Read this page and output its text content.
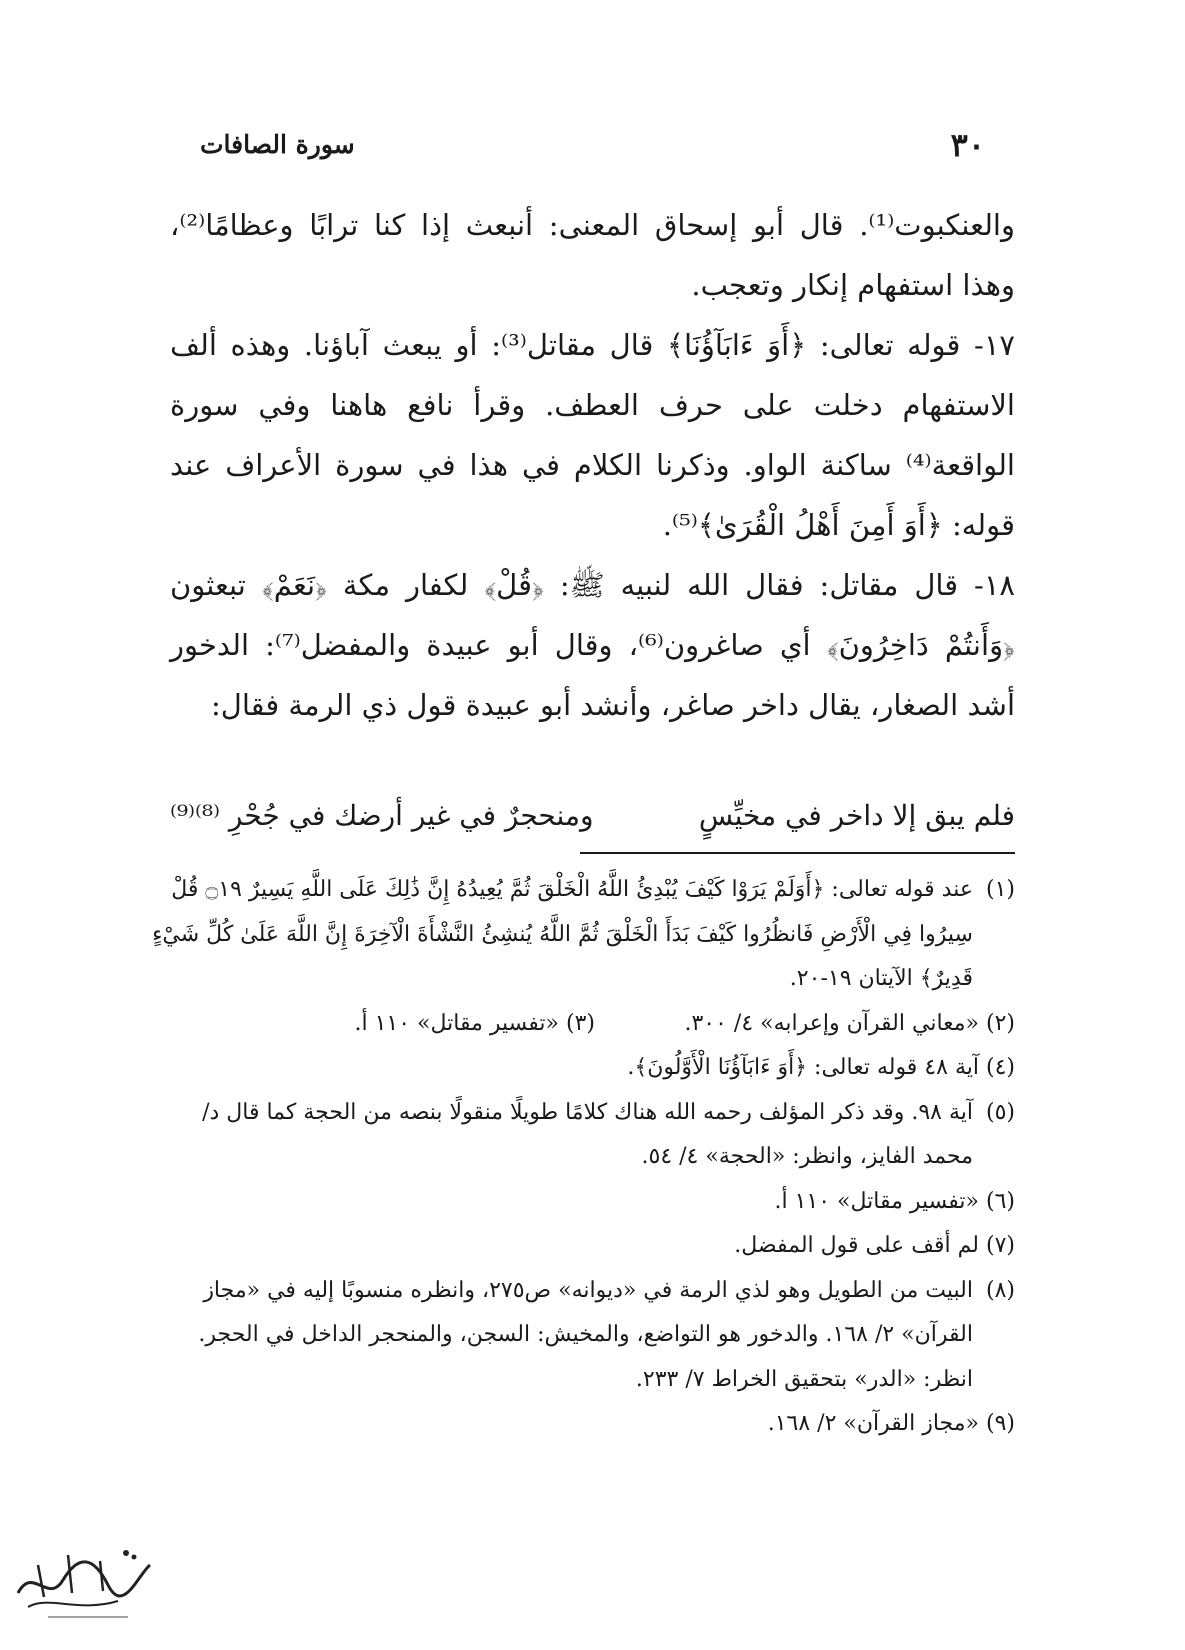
٣٠
سورة الصافات

والعنكبوت⁽¹⁾. قال أبو إسحاق المعنى: أنبعث إذا كنا ترابًا وعظامًا⁽²⁾، وهذا استفهام إنكار وتعجب.

١٧- قوله تعالى: ﴿أَوَ ءَابَآؤُنَا﴾ قال مقاتل⁽³⁾: أو يبعث آباؤنا. وهذه ألف الاستفهام دخلت على حرف العطف. وقرأ نافع هاهنا وفي سورة الواقعة⁽⁴⁾ ساكنة الواو. وذكرنا الكلام في هذا في سورة الأعراف عند قوله: ﴿أَوَ أَمِنَ أَهْلُ الْقُرَىٰ﴾⁽⁵⁾.

١٨- قال مقاتل: فقال الله لنبيه ﷺ: ﴿قُلْ﴾ لكفار مكة ﴿نَعَمْ﴾ تبعثون ﴿وَأَنتُمْ دَاخِرُونَ﴾ أي صاغرون⁽⁶⁾، وقال أبو عبيدة والمفضل⁽⁷⁾: الدخور أشد الصغار، يقال داخر صاغر، وأنشد أبو عبيدة قول ذي الرمة فقال:

فلم يبق إلا داخر في مخيِّسٍ
ومنحجرٌ في غير أرضك في جُحْرِ ⁽⁸⁾⁽⁹⁾

(١)
عند قوله تعالى: ﴿أَوَلَمْ يَرَوْا كَيْفَ يُبْدِئُ اللَّهُ الْخَلْقَ ثُمَّ يُعِيدُهُ إِنَّ ذَٰلِكَ عَلَى اللَّهِ يَسِيرٌ ۝١٩ قُلْ سِيرُوا فِي الْأَرْضِ فَانظُرُوا كَيْفَ بَدَأَ الْخَلْقَ ثُمَّ اللَّهُ يُنشِئُ النَّشْأَةَ الْآخِرَةَ إِنَّ اللَّهَ عَلَىٰ كُلِّ شَيْءٍ قَدِيرٌ﴾ الآيتان ١٩-٢٠.

(٢) «معاني القرآن وإعرابه» ٤/ ٣٠٠.
(٣) «تفسير مقاتل» ١١٠ أ.

(٤) آية ٤٨ قوله تعالى: ﴿أَوَ ءَابَآؤُنَا الْأَوَّلُونَ﴾.

(٥)
آية ٩٨. وقد ذكر المؤلف رحمه الله هناك كلامًا طويلًا منقولًا بنصه من الحجة كما قال د/ محمد الفايز، وانظر: «الحجة» ٤/ ٥٤.

(٦) «تفسير مقاتل» ١١٠ أ.

(٧) لم أقف على قول المفضل.

(٨)
البيت من الطويل وهو لذي الرمة في «ديوانه» ص٢٧٥، وانظره منسوبًا إليه في «مجاز القرآن» ٢/ ١٦٨. والدخور هو التواضع، والمخيش: السجن، والمنحجر الداخل في الحجر. انظر: «الدر» بتحقيق الخراط ٧/ ٢٣٣.

(٩) «مجاز القرآن» ٢/ ١٦٨.
